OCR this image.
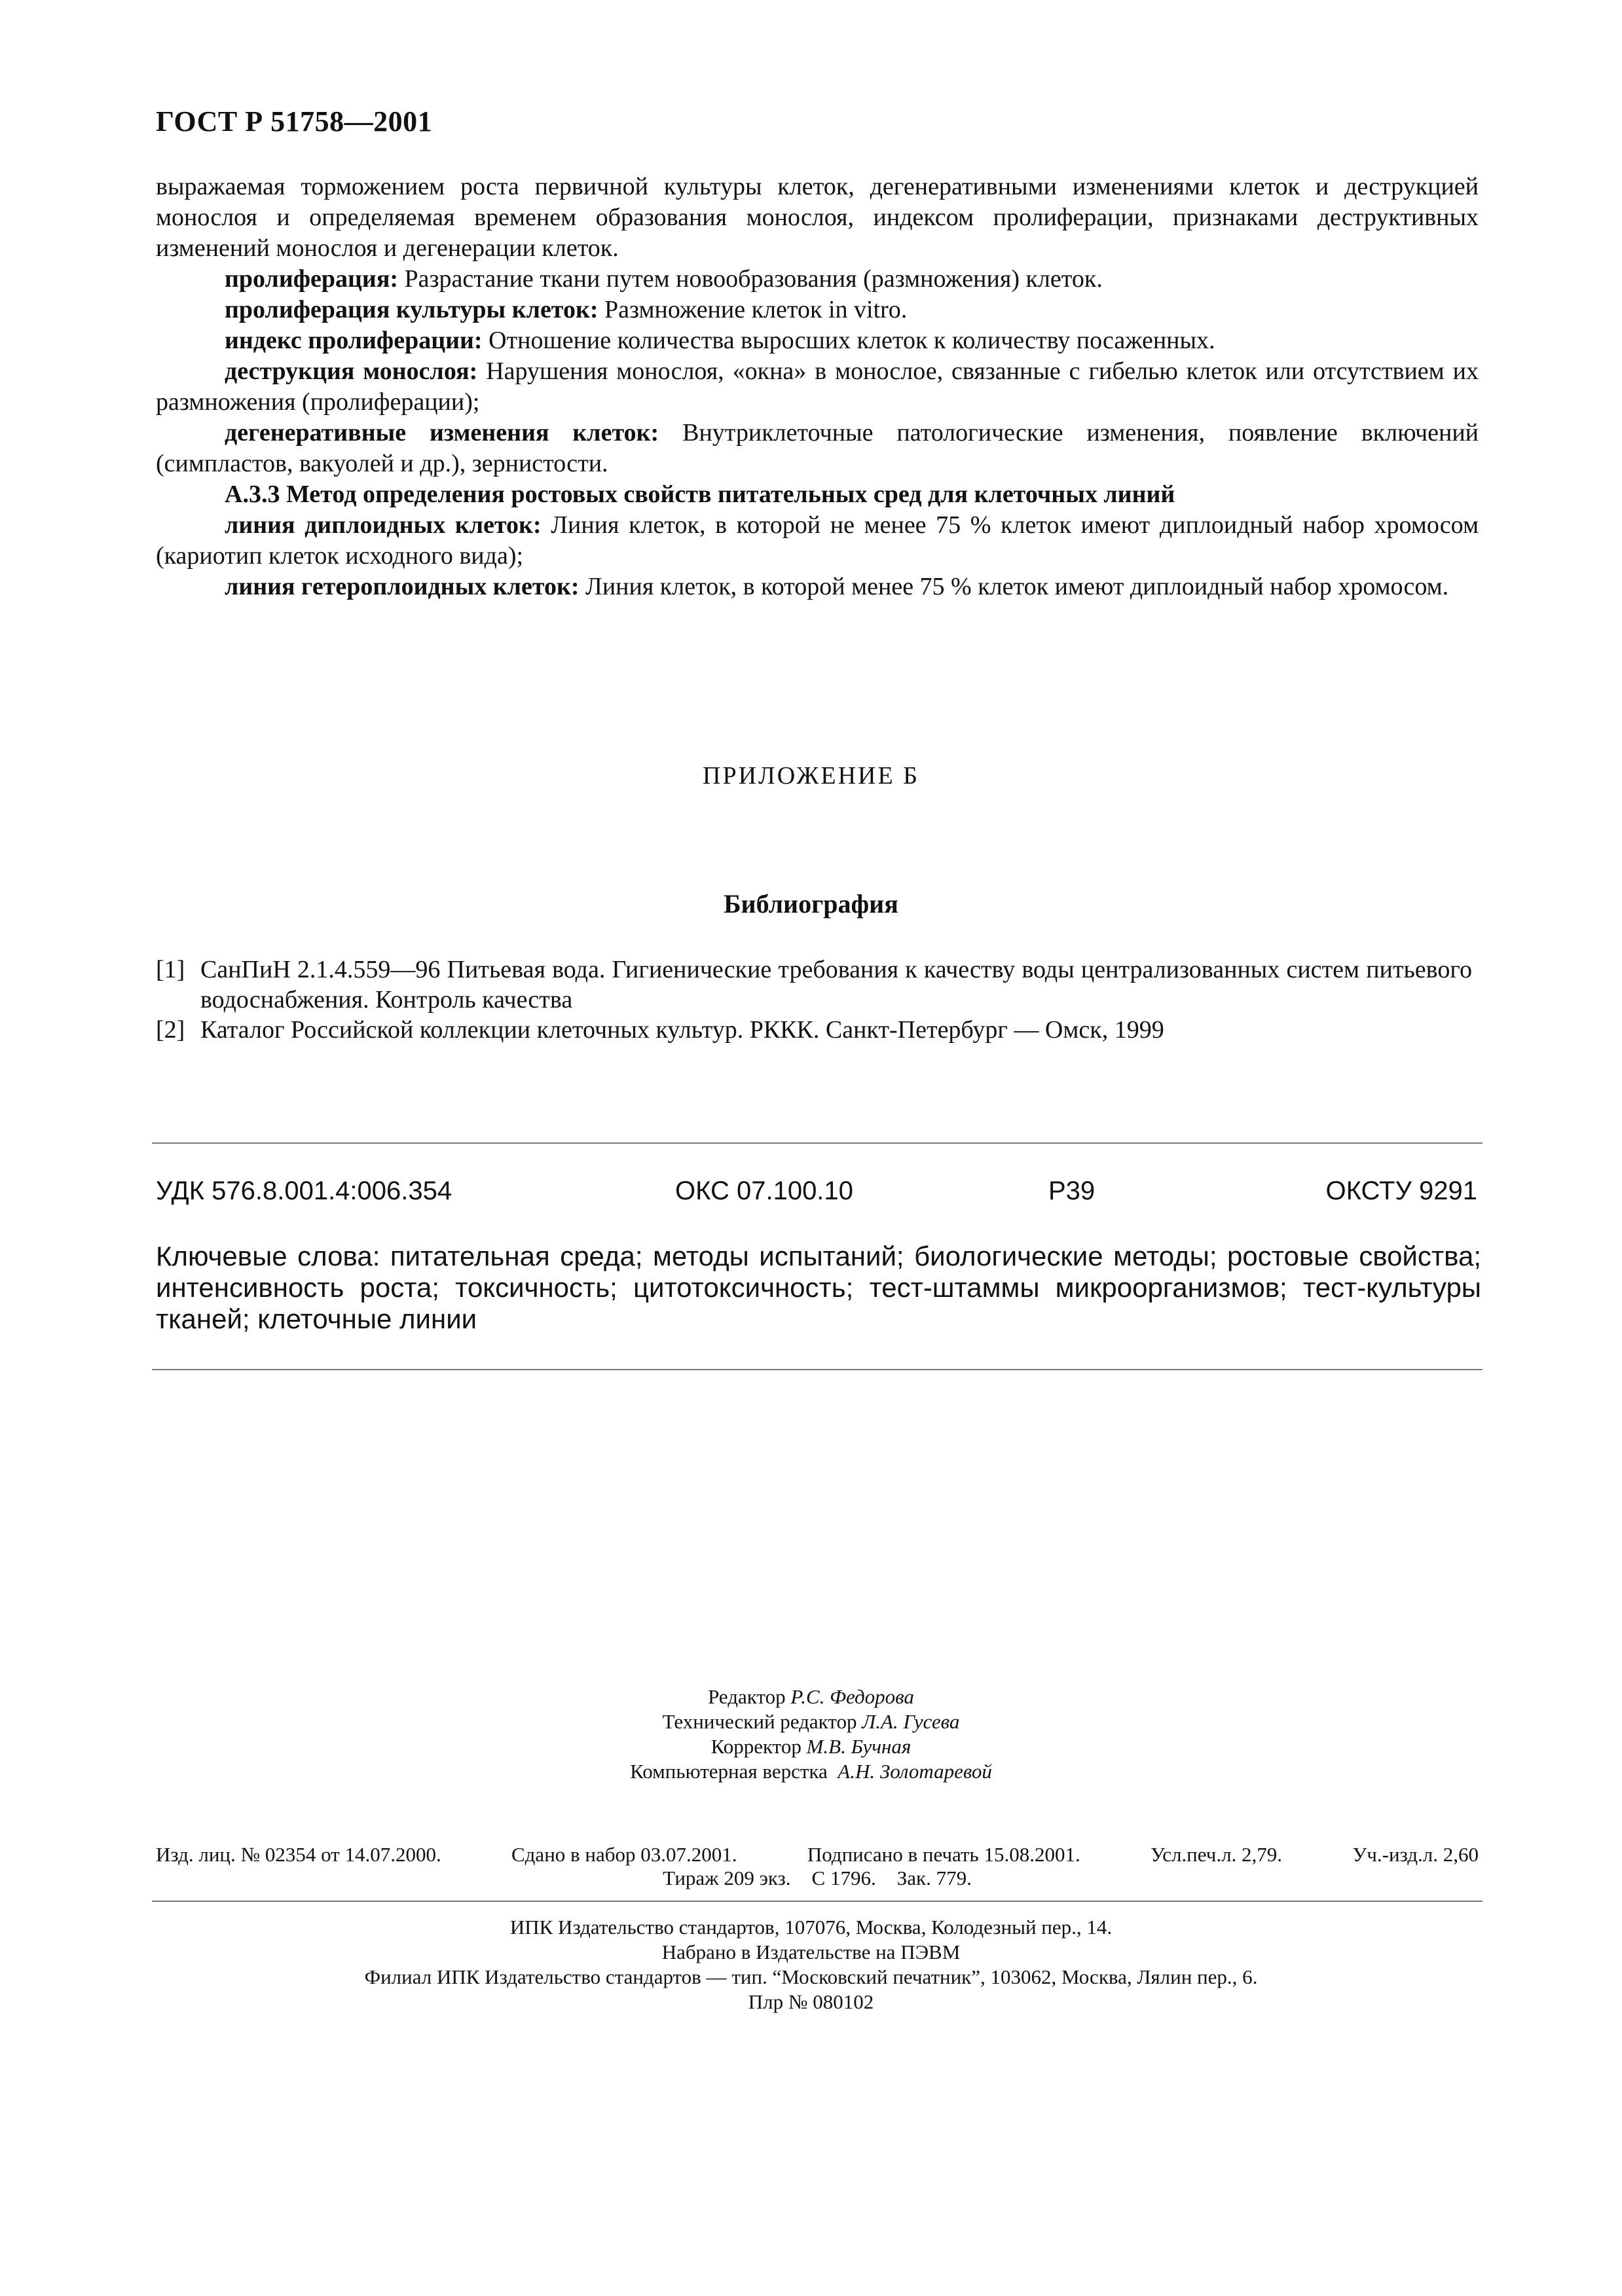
ГОСТ Р 51758—2001

выражаемая торможением роста первичной культуры клеток, дегенеративными изменениями клеток и деструкцией монослоя и определяемая временем образования монослоя, индексом пролиферации, признаками деструктивных изменений монослоя и дегенерации клеток.

пролиферация: Разрастание ткани путем новообразования (размножения) клеток.

пролиферация культуры клеток: Размножение клеток in vitro.

индекс пролиферации: Отношение количества выросших клеток к количеству посаженных.

деструкция монослоя: Нарушения монослоя, «окна» в монослое, связанные с гибелью клеток или отсутствием их размножения (пролиферации);

дегенеративные изменения клеток: Внутриклеточные патологические изменения, появление включений (симпластов, вакуолей и др.), зернистости.

А.3.3 Метод определения ростовых свойств питательных сред для клеточных линий

линия диплоидных клеток: Линия клеток, в которой не менее 75 % клеток имеют диплоидный набор хромосом (кариотип клеток исходного вида);

линия гетероплоидных клеток: Линия клеток, в которой менее 75 % клеток имеют диплоидный набор хромосом.

ПРИЛОЖЕНИЕ Б
Библиография
[1] СанПиН 2.1.4.559—96 Питьевая вода. Гигиенические требования к качеству воды централизованных систем питьевого водоснабжения. Контроль качества
[2] Каталог Российской коллекции клеточных культур. РККК. Санкт-Петербург — Омск, 1999
УДК 576.8.001.4:006.354	ОКС 07.100.10	Р39	ОКСТУ 9291
Ключевые слова: питательная среда; методы испытаний; биологические методы; ростовые свойства; интенсивность роста; токсичность; цитотоксичность; тест-штаммы микроорганизмов; тест-культуры тканей; клеточные линии
Редактор Р.С. Федорова
Технический редактор Л.А. Гусева
Корректор М.В. Бучная
Компьютерная верстка А.Н. Золотаревой
Изд. лиц. № 02354 от 14.07.2000.	Сдано в набор 03.07.2001.	Подписано в печать 15.08.2001.	Усл.печ.л. 2,79.	Уч.-изд.л. 2,60
Тираж 209 экз. С 1796. Зак. 779.
ИПК Издательство стандартов, 107076, Москва, Колодезный пер., 14.
Набрано в Издательстве на ПЭВМ
Филиал ИПК Издательство стандартов — тип. “Московский печатник”, 103062, Москва, Лялин пер., 6.
Плр № 080102
